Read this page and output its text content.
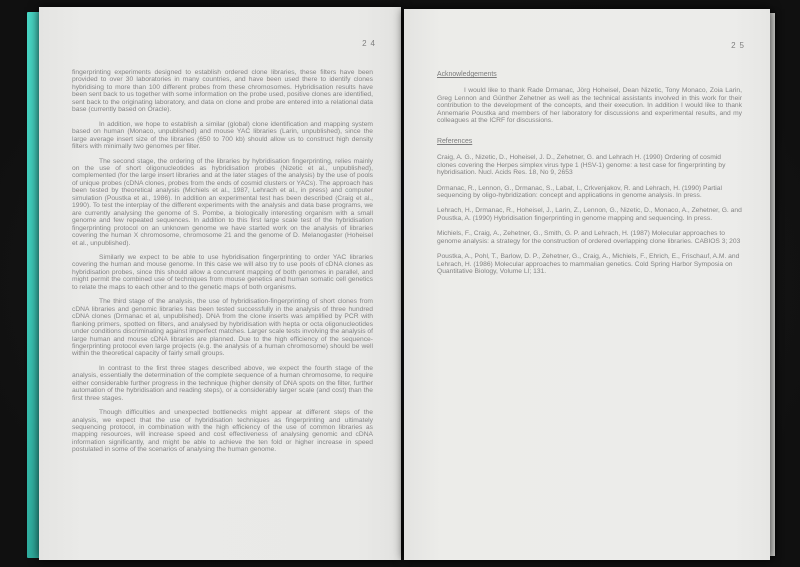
24

fingerprinting experiments designed to establish ordered clone libraries, these filters have been provided to over 30 laboratories in many countries, and have been used there to identify clones hybridising to more than 100 different probes from these chromosomes. Hybridisation results have been sent back to us together with some information on the probe used, positive clones are identified, sent back to the originating laboratory, and data on clone and probe are entered into a relational data base (currently based on Oracle).

In addition, we hope to establish a similar (global) clone identification and mapping system based on human (Monaco, unpublished) and mouse YAC libraries (Larin, unpublished), since the large average insert size of the libraries (650 to 700 kb) should allow us to construct high density filters with minimally two genomes per filter.

The second stage, the ordering of the libraries by hybridisation fingerprinting, relies mainly on the use of short oligonucleotides as hybridisation probes (Nizetic et al., unpublished), complemented (for the large insert libraries and at the later stages of the analysis) by the use of pools of unique probes (cDNA clones, probes from the ends of cosmid clusters or YACs). The approach has been tested by theoretical analysis (Michiels et al., 1987, Lehrach et al., in press) and computer simulation (Poustka et al., 1986). In addition an experimental test has been described (Craig et al., 1990). To test the interplay of the different experiments with the analysis and data base programs, we are currently analysing the genome of S. Pombe, a biologically interesting organism with a small genome and few repeated sequences. In addition to this first large scale test of the hybridisation fingerprinting protocol on an unknown genome we have started work on the analysis of libraries covering the human X chromosome, chromosome 21 and the genome of D. Melanogaster (Hoheisel et al., unpublished).

Similarly we expect to be able to use hybridisation fingerprinting to order YAC libraries covering the human and mouse genome. In this case we will also try to use pools of cDNA clones as hybridisation probes, since this should allow a concurrent mapping of both genomes in parallel, and might permit the combined use of techniques from mouse genetics and human somatic cell genetics to relate the maps to each other and to the genetic maps of both organisms.

The third stage of the analysis, the use of hybridisation-fingerprinting of short clones from cDNA libraries and genomic libraries has been tested successfully in the analysis of three hundred cDNA clones (Drmanac et al, unpublished). DNA from the clone inserts was amplified by PCR with flanking primers, spotted on filters, and analysed by hybridisation with hepta or octa oligonucleotides under conditions discriminating against imperfect matches. Larger scale tests involving the analysis of large human and mouse cDNA libraries are planned. Due to the high efficiency of the sequence-fingerprinting protocol even large projects (e.g. the analysis of a human chromosome) should be well within the theoretical capacity of fairly small groups.

In contrast to the first three stages described above, we expect the fourth stage of the analysis, essentially the determination of the complete sequence of a human chromosome, to require either considerable further progress in the technique (higher density of DNA spots on the filter, further automation of the hybridisation and reading steps), or a considerably larger scale (and cost) than the first three stages.

Though difficulties and unexpected bottlenecks might appear at different steps of the analysis, we expect that the use of hybridisation techniques as fingerprinting and ultimately sequencing protocol, in combination with the high efficiency of the use of common libraries as mapping resources, will increase speed and cost effectiveness of analysing genomic and cDNA information significantly, and might be able to achieve the ten fold or higher increase in speed postulated in some of the scenarios of analysing the human genome.

25
Acknowledgements

I would like to thank Rade Drmanac, Jörg Hoheisel, Dean Nizetic, Tony Monaco, Zoia Larin, Greg Lennon and Günther Zehetner as well as the technical assistants involved in this work for their contribution to the development of the concepts, and their execution. In addition I would like to thank Annemarie Poustka and members of her laboratory for discussions and experimental results, and my colleagues at the ICRF for discussions.

References

Craig, A. G., Nizetic, D., Hoheisel, J. D., Zehetner, G. and Lehrach H. (1990) Ordering of cosmid clones covering the Herpes simplex virus type 1 (HSV-1) genome: a test case for fingerprinting by hybridisation. Nucl. Acids Res. 18, No 9, 2653

Drmanac, R., Lennon, G., Drmanac, S., Labat, I., Crkvenjakov, R. and Lehrach, H. (1990) Partial sequencing by oligo-hybridization: concept and applications in genome analysis. In press.

Lehrach, H., Drmanac, R., Hoheisel, J., Larin, Z., Lennon, G., Nizetic, D., Monaco, A., Zehetner, G. and Poustka, A. (1990) Hybridisation fingerprinting in genome mapping and sequencing. In press.

Michiels, F., Craig, A., Zehetner, G., Smith, G. P. and Lehrach, H. (1987) Molecular approaches to genome analysis: a strategy for the construction of ordered overlapping clone libraries. CABIOS 3; 203

Poustka, A., Pohl, T., Barlow, D. P., Zehetner, G., Craig, A., Michiels, F., Ehrich, E., Frischauf, A.M. and Lehrach, H. (1986) Molecular approaches to mammalian genetics. Cold Spring Harbor Symposia on Quantitative Biology, Volume LI; 131.
